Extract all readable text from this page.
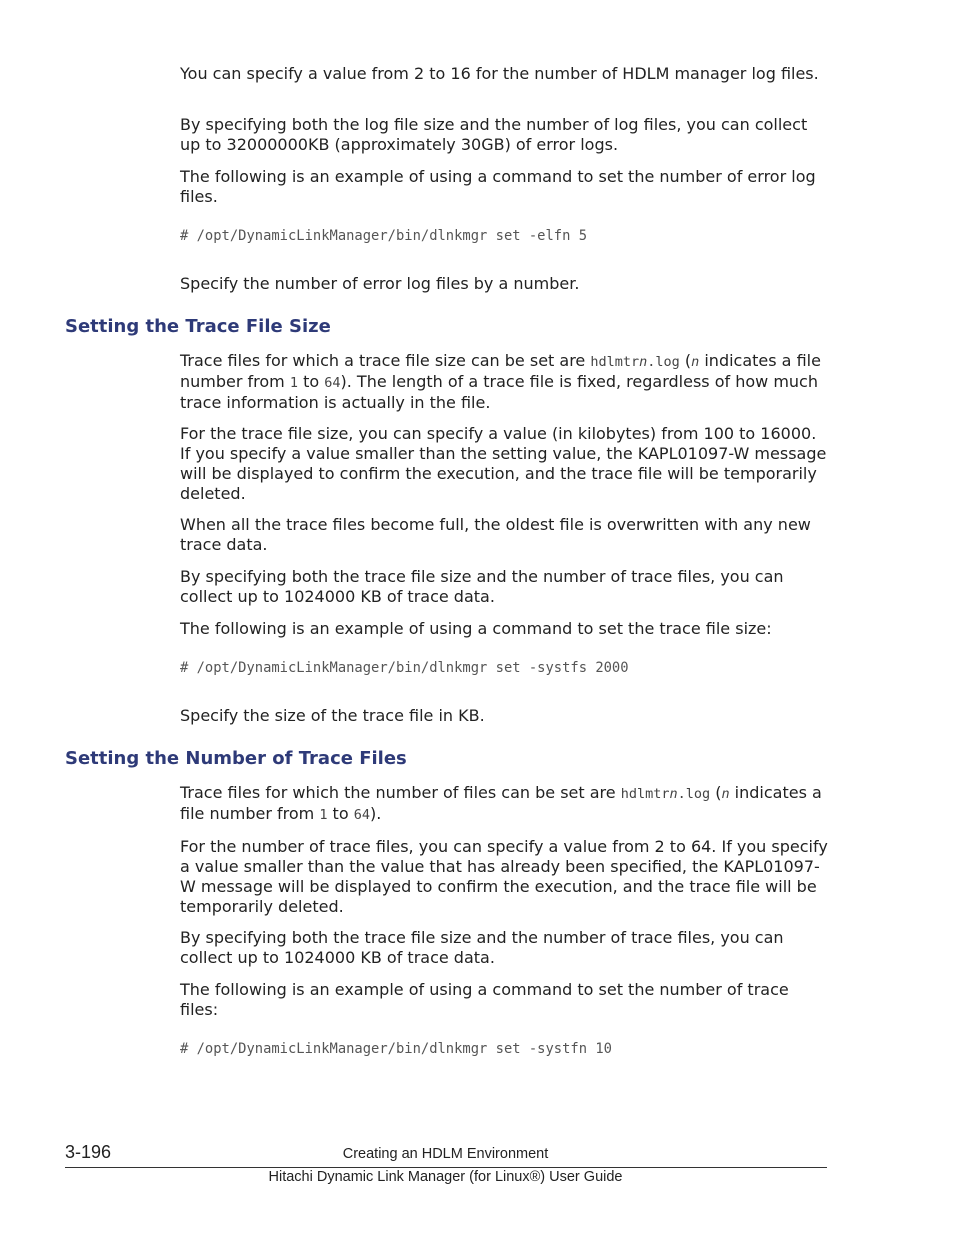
You can specify a value from 2 to 16 for the number of HDLM manager log files.

By specifying both the log file size and the number of log files, you can collect up to 32000000KB (approximately 30GB) of error logs.

The following is an example of using a command to set the number of error log files.

# /opt/DynamicLinkManager/bin/dlnkmgr set -elfn 5

Specify the number of error log files by a number.

Setting the Trace File Size

Trace files for which a trace file size can be set are hdlmtrn.log (n indicates a file number from 1 to 64). The length of a trace file is fixed, regardless of how much trace information is actually in the file.

For the trace file size, you can specify a value (in kilobytes) from 100 to 16000. If you specify a value smaller than the setting value, the KAPL01097-W message will be displayed to confirm the execution, and the trace file will be temporarily deleted.

When all the trace files become full, the oldest file is overwritten with any new trace data.

By specifying both the trace file size and the number of trace files, you can collect up to 1024000 KB of trace data.

The following is an example of using a command to set the trace file size:

# /opt/DynamicLinkManager/bin/dlnkmgr set -systfs 2000

Specify the size of the trace file in KB.

Setting the Number of Trace Files

Trace files for which the number of files can be set are hdlmtrn.log (n indicates a file number from 1 to 64).

For the number of trace files, you can specify a value from 2 to 64. If you specify a value smaller than the value that has already been specified, the KAPL01097-W message will be displayed to confirm the execution, and the trace file will be temporarily deleted.

By specifying both the trace file size and the number of trace files, you can collect up to 1024000 KB of trace data.

The following is an example of using a command to set the number of trace files:

# /opt/DynamicLinkManager/bin/dlnkmgr set -systfn 10
3-196	Creating an HDLM Environment
Hitachi Dynamic Link Manager (for Linux®) User Guide
